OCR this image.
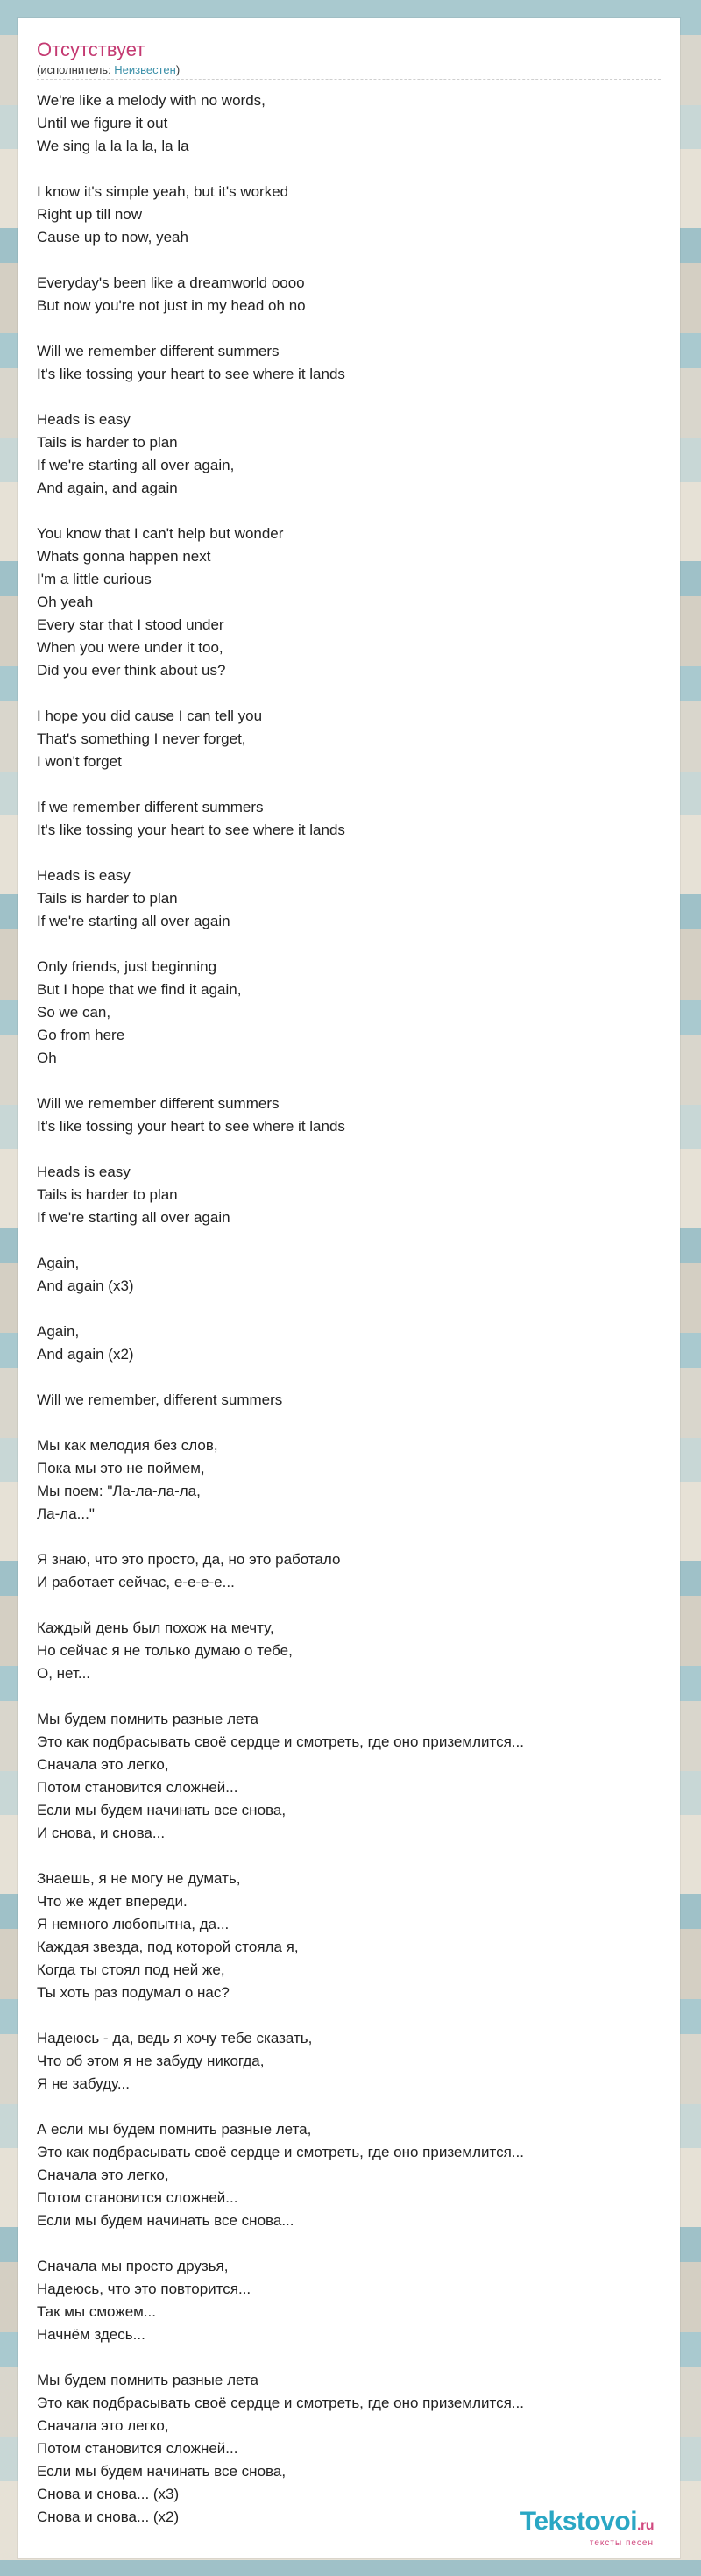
Отсутствует
(исполнитель: Неизвестен)
We're like a melody with no words,
Until we figure it out
We sing la la la la, la la
I know it's simple yeah, but it's worked
Right up till now
Cause up to now, yeah
Everyday's been like a dreamworld oooo
But now you're not just in my head oh no
Will we remember different summers
It's like tossing your heart to see where it lands
Heads is easy
Tails is harder to plan
If we're starting all over again,
And again, and again
You know that I can't help but wonder
Whats gonna happen next
I'm a little curious
Oh yeah
Every star that I stood under
When you were under it too,
Did you ever think about us?
I hope you did cause I can tell you
That's something I never forget,
I won't forget
If we remember different summers
It's like tossing your heart to see where it lands
Heads is easy
Tails is harder to plan
If we're starting all over again
Only friends, just beginning
But I hope that we find it again,
So we can,
Go from here
Oh
Will we remember different summers
It's like tossing your heart to see where it lands
Heads is easy
Tails is harder to plan
If we're starting all over again
Again,
And again (x3)
Again,
And again (x2)
Will we remember, different summers
Мы как мелодия без слов,
Пока мы это не поймем,
Мы поем: "Ла-ла-ла-ла,
Ла-ла..."
Я знаю, что это просто, да, но это работало
И работает сейчас, е-е-е-е...
Каждый день был похож на мечту,
Но сейчас я не только думаю о тебе,
О, нет...
Мы будем помнить разные лета
Это как подбрасывать своё сердце и смотреть, где оно приземлится...
Сначала это легко,
Потом становится сложней...
Если мы будем начинать все снова,
И снова, и снова...
Знаешь, я не могу не думать,
Что же ждет впереди.
Я немного любопытна, да...
Каждая звезда, под которой стояла я,
Когда ты стоял под ней же,
Ты хоть раз подумал о нас?
Надеюсь - да, ведь я хочу тебе сказать,
Что об этом я не забуду никогда,
Я не забуду...
А если мы будем помнить разные лета,
Это как подбрасывать своё сердце и смотреть, где оно приземлится...
Сначала это легко,
Потом становится сложней...
Если мы будем начинать все снова...
Сначала мы просто друзья,
Надеюсь, что это повторится...
Так мы сможем...
Начнём здесь...
Мы будем помнить разные лета
Это как подбрасывать своё сердце и смотреть, где оно приземлится...
Сначала это легко,
Потом становится сложней...
Если мы будем начинать все снова,
Снова и снова... (x3)
Снова и снова... (x2)	Tekstovoi.ru
тексты песен
